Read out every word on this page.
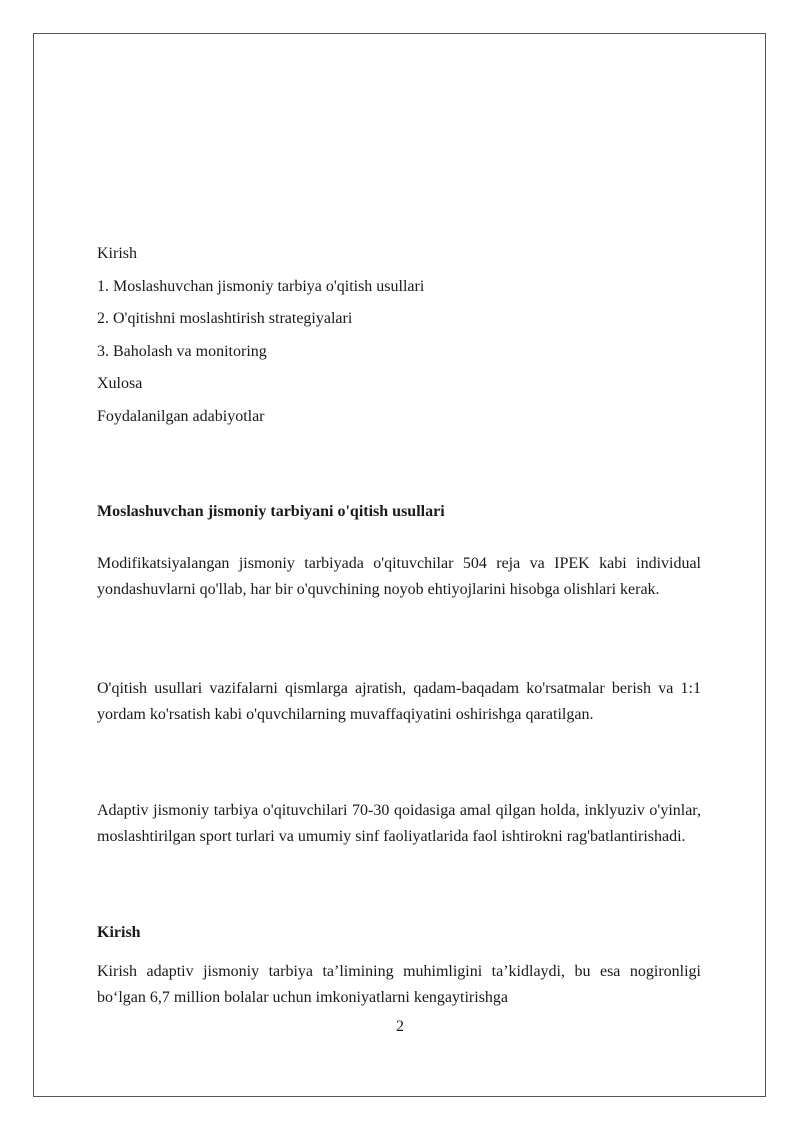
Kirish
1. Moslashuvchan jismoniy tarbiya o'qitish usullari
2. O'qitishni moslashtirish strategiyalari
3. Baholash va monitoring
Xulosa
Foydalanilgan adabiyotlar
Moslashuvchan jismoniy tarbiyani o'qitish usullari

Modifikatsiyalangan jismoniy tarbiyada o'qituvchilar 504 reja va IPEK kabi individual yondashuvlarni qo'llab, har bir o'quvchining noyob ehtiyojlarini hisobga olishlari kerak.

O'qitish usullari vazifalarni qismlarga ajratish, qadam-baqadam ko'rsatmalar berish va 1:1 yordam ko'rsatish kabi o'quvchilarning muvaffaqiyatini oshirishga qaratilgan.

Adaptiv jismoniy tarbiya o'qituvchilari 70-30 qoidasiga amal qilgan holda, inklyuziv o'yinlar, moslashtirilgan sport turlari va umumiy sinf faoliyatlarida faol ishtirokni rag'batlantirishadi.

Kirish

Kirish adaptiv jismoniy tarbiya ta’limining muhimligini ta’kidlaydi, bu esa nogironligi bo‘lgan 6,7 million bolalar uchun imkoniyatlarni kengaytirishga

2
